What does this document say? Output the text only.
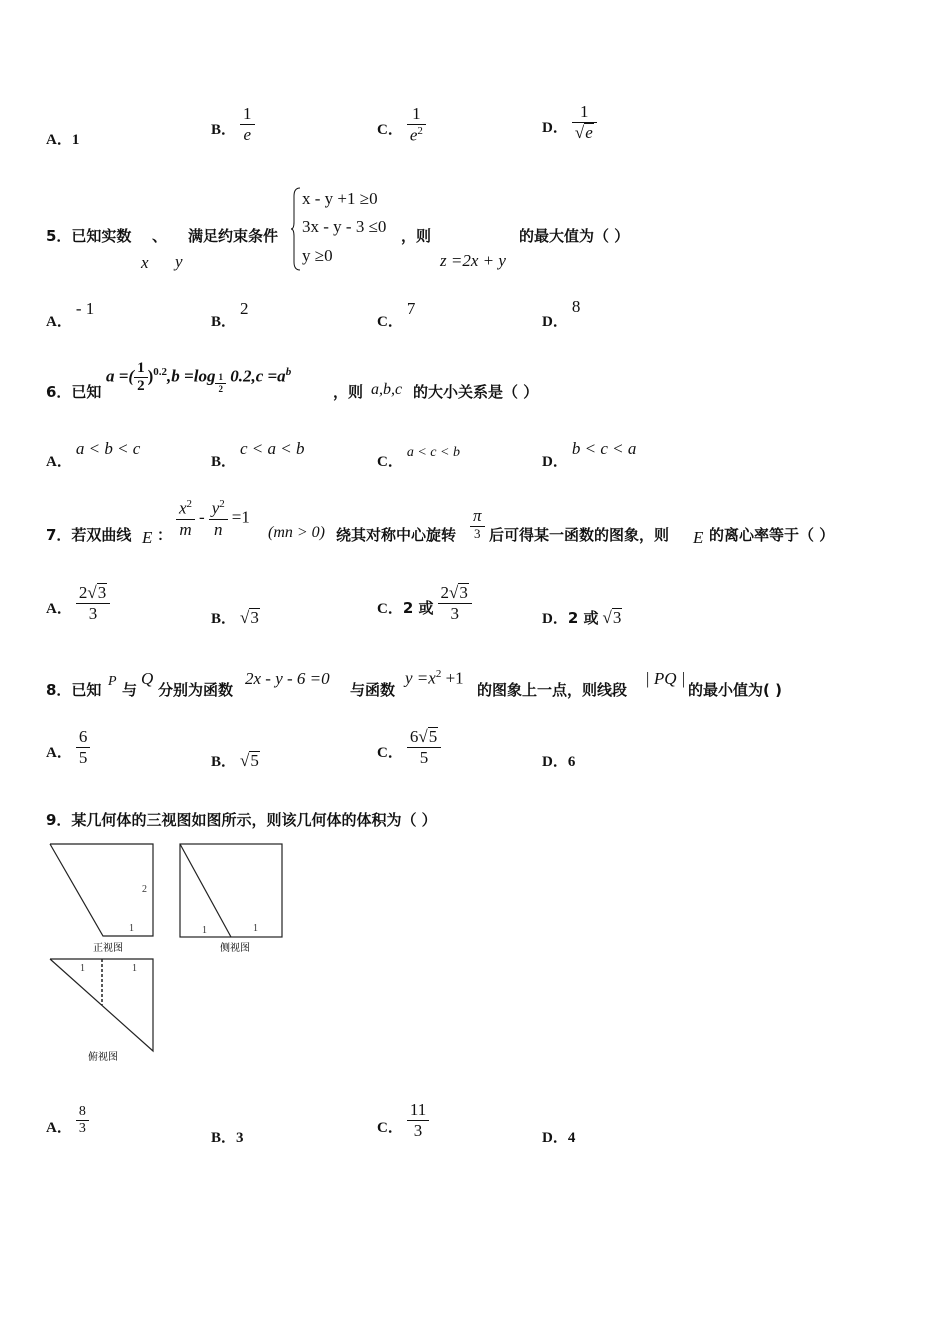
A．1
B． $\frac{1}{e}$	C． $\frac{1}{e^2}$	D． $\frac{1}{√e}$
5．已知实数 、
x y
满足约束条件
x - y +1 ≥0
3x - y - 3 ≤0
y ≥0
，则
z =2x + y
的最大值为（ ）
A． - 1
B． 2
C． 7
D． 8
6．已知
a =( $\frac{1}{2} )^{0.2},b =\log$ $_{\frac{1}{2}}$ $0.2,c =a^b$
，则 a,b,c 的大小关系是（ ）
A． a < b < c
B． c < a < b
C． a < c < b
D． b < c < a
7．若双曲线 E ： $\frac{x^2}{m} - \frac{y^2}{n} =1$
(mn > 0) 绕其对称中心旋转
π
3 后可得某一函数的图象，则 E 的离心率等于（ ）
A． $\frac{2√3}{3}$	B． √3	C．2 或 $\frac{2√3}{3}$	D．2 或 √3
8．已知 P 与
Q
分别为函数
2x - y - 6 =0
与函数
$y =x^2 +1$
的图象上一点，则线段
| PQ |
的最小值为( )
A． $\frac{6}{5}$	B． √5	C． $\frac{6√5}{5}$	D．6
9．某几何体的三视图如图所示，则该几何体的体积为（ ）
1
2
正视图
1	1
侧视图
1	1
俯视图
A． $\frac{8}{3}$
B．3
C． $\frac{11}{3}$	D．4
